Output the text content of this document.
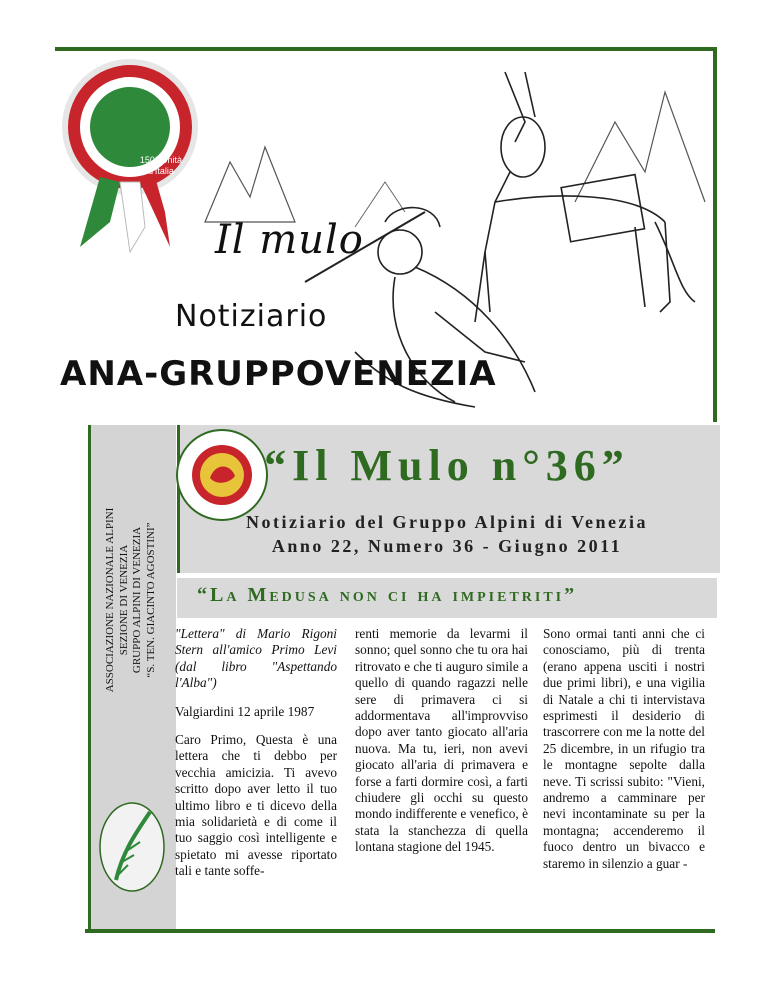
150° Unità d'Italia
Il mulo
Notiziario
ANA-GRUPPOVENEZIA
ASSOCIAZIONE NAZIONALE ALPINI SEZIONE DI VENEZIA GRUPPO ALPINI DI VENEZIA “S. TEN. GIACINTO AGOSTINI”
“Il Mulo n°36”
Notiziario del Gruppo Alpini di Venezia
Anno 22, Numero 36 - Giugno 2011
“La Medusa non ci ha impietriti”

"Lettera" di Mario Rigoni Stern all'amico Primo Levi (dal libro "Aspettando l'Alba")

Valgiardini 12 aprile 1987

Caro Primo, Questa è una lettera che ti debbo per vecchia amicizia. Ti avevo scritto dopo aver letto il tuo ultimo libro e ti dicevo della mia solidarietà e di come il tuo saggio così intelligente e spietato mi avesse riportato tali e tante soffe-

renti memorie da levarmi il sonno; quel sonno che tu ora hai ritrovato e che ti auguro simile a quello di quando ragazzi nelle sere di primavera ci si addormentava all'improvviso dopo aver tanto giocato all'aria nuova. Ma tu, ieri, non avevi giocato all'aria di primavera e forse a farti dormire così, a farti chiudere gli occhi su questo mondo indifferente e venefico, è stata la stanchezza di quella lontana stagione del 1945.

Sono ormai tanti anni che ci conosciamo, più di trenta (erano appena usciti i nostri due primi libri), e una vigilia di Natale a chi ti intervistava esprimesti il desiderio di trascorrere con me la notte del 25 dicembre, in un rifugio tra le montagne sepolte dalla neve. Ti scrissi subito: "Vieni, andremo a camminare per nevi incontaminate su per la montagna; accenderemo il fuoco dentro un bivacco e staremo in silenzio a guar -
